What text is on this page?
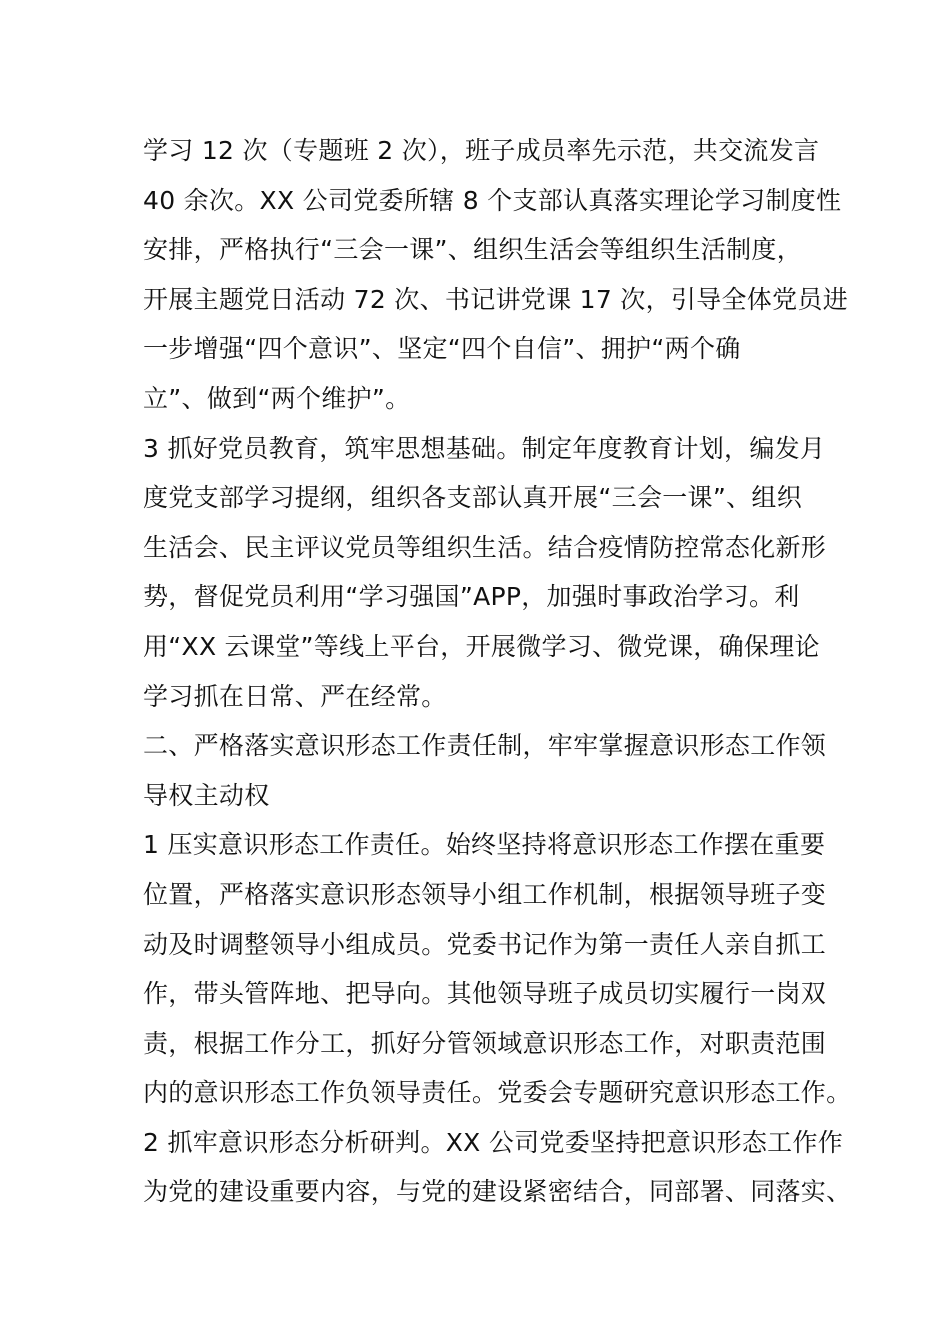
学习 12 次（专题班 2 次），班子成员率先示范，共交流发言
40 余次。XX 公司党委所辖 8 个支部认真落实理论学习制度性
安排，严格执行“三会一课”、组织生活会等组织生活制度，
开展主题党日活动 72 次、书记讲党课 17 次，引导全体党员进
一步增强“四个意识”、坚定“四个自信”、拥护“两个确
立”、做到“两个维护”。
3 抓好党员教育，筑牢思想基础。制定年度教育计划，编发月
度党支部学习提纲，组织各支部认真开展“三会一课”、组织
生活会、民主评议党员等组织生活。结合疫情防控常态化新形
势，督促党员利用“学习强国”APP，加强时事政治学习。利
用“XX 云课堂”等线上平台，开展微学习、微党课，确保理论
学习抓在日常、严在经常。
二、严格落实意识形态工作责任制，牢牢掌握意识形态工作领
导权主动权
1 压实意识形态工作责任。始终坚持将意识形态工作摆在重要
位置，严格落实意识形态领导小组工作机制，根据领导班子变
动及时调整领导小组成员。党委书记作为第一责任人亲自抓工
作，带头管阵地、把导向。其他领导班子成员切实履行一岗双
责，根据工作分工，抓好分管领域意识形态工作，对职责范围
内的意识形态工作负领导责任。党委会专题研究意识形态工作。
2 抓牢意识形态分析研判。XX 公司党委坚持把意识形态工作作
为党的建设重要内容，与党的建设紧密结合，同部署、同落实、
